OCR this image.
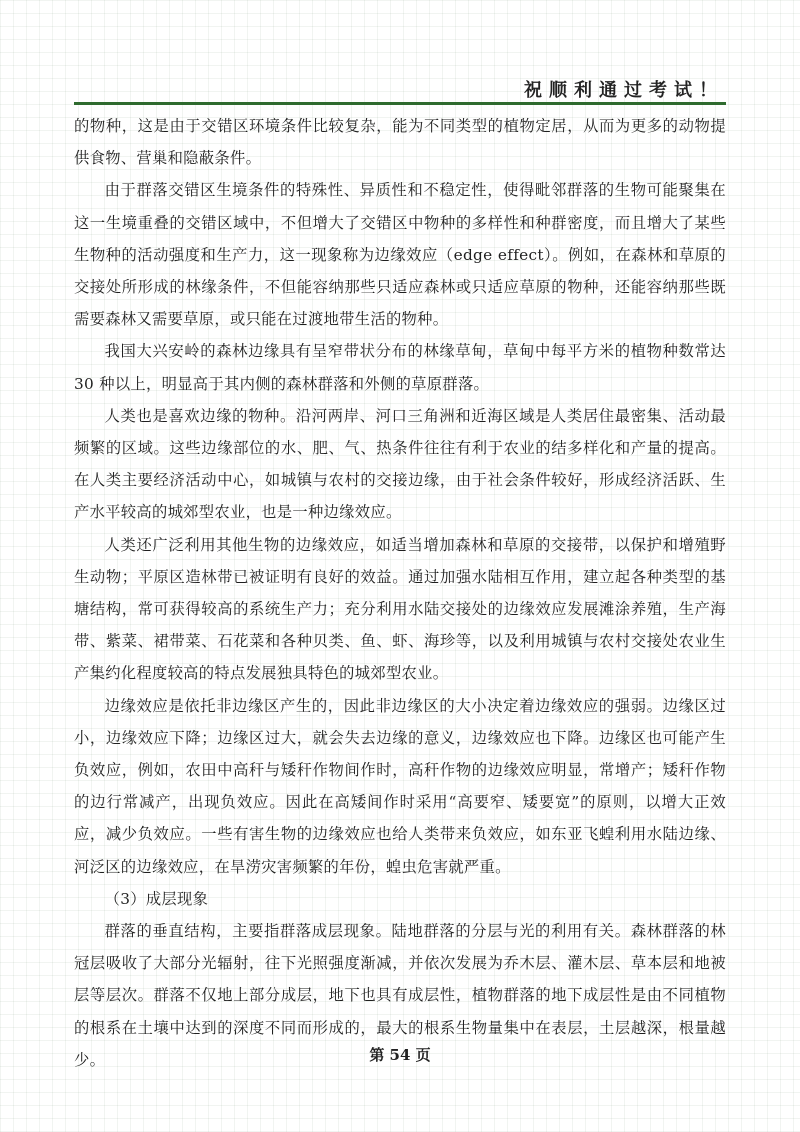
祝顺利通过考试！

的物种，这是由于交错区环境条件比较复杂，能为不同类型的植物定居，从而为更多的动物提供食物、营巢和隐蔽条件。

由于群落交错区生境条件的特殊性、异质性和不稳定性，使得毗邻群落的生物可能聚集在这一生境重叠的交错区域中，不但增大了交错区中物种的多样性和种群密度，而且增大了某些生物种的活动强度和生产力，这一现象称为边缘效应（edge effect）。例如，在森林和草原的交接处所形成的林缘条件，不但能容纳那些只适应森林或只适应草原的物种，还能容纳那些既需要森林又需要草原，或只能在过渡地带生活的物种。

我国大兴安岭的森林边缘具有呈窄带状分布的林缘草甸，草甸中每平方米的植物种数常达 30 种以上，明显高于其内侧的森林群落和外侧的草原群落。

人类也是喜欢边缘的物种。沿河两岸、河口三角洲和近海区域是人类居住最密集、活动最频繁的区域。这些边缘部位的水、肥、气、热条件往往有利于农业的结多样化和产量的提高。在人类主要经济活动中心，如城镇与农村的交接边缘，由于社会条件较好，形成经济活跃、生产水平较高的城郊型农业，也是一种边缘效应。

人类还广泛利用其他生物的边缘效应，如适当增加森林和草原的交接带，以保护和增殖野生动物；平原区造林带已被证明有良好的效益。通过加强水陆相互作用，建立起各种类型的基塘结构，常可获得较高的系统生产力；充分利用水陆交接处的边缘效应发展滩涂养殖，生产海带、紫菜、裙带菜、石花菜和各种贝类、鱼、虾、海珍等，以及利用城镇与农村交接处农业生产集约化程度较高的特点发展独具特色的城郊型农业。

边缘效应是依托非边缘区产生的，因此非边缘区的大小决定着边缘效应的强弱。边缘区过小，边缘效应下降；边缘区过大，就会失去边缘的意义，边缘效应也下降。边缘区也可能产生负效应，例如，农田中高秆与矮秆作物间作时，高秆作物的边缘效应明显，常增产；矮秆作物的边行常减产，出现负效应。因此在高矮间作时采用“高要窄、矮要宽”的原则，以增大正效应，减少负效应。一些有害生物的边缘效应也给人类带来负效应，如东亚飞蝗利用水陆边缘、河泛区的边缘效应，在旱涝灾害频繁的年份，蝗虫危害就严重。

（3）成层现象

群落的垂直结构，主要指群落成层现象。陆地群落的分层与光的利用有关。森林群落的林冠层吸收了大部分光辐射，往下光照强度渐减，并依次发展为乔木层、灌木层、草本层和地被层等层次。群落不仅地上部分成层，地下也具有成层性，植物群落的地下成层性是由不同植物的根系在土壤中达到的深度不同而形成的，最大的根系生物量集中在表层，土层越深，根量越少。	第 54 页
